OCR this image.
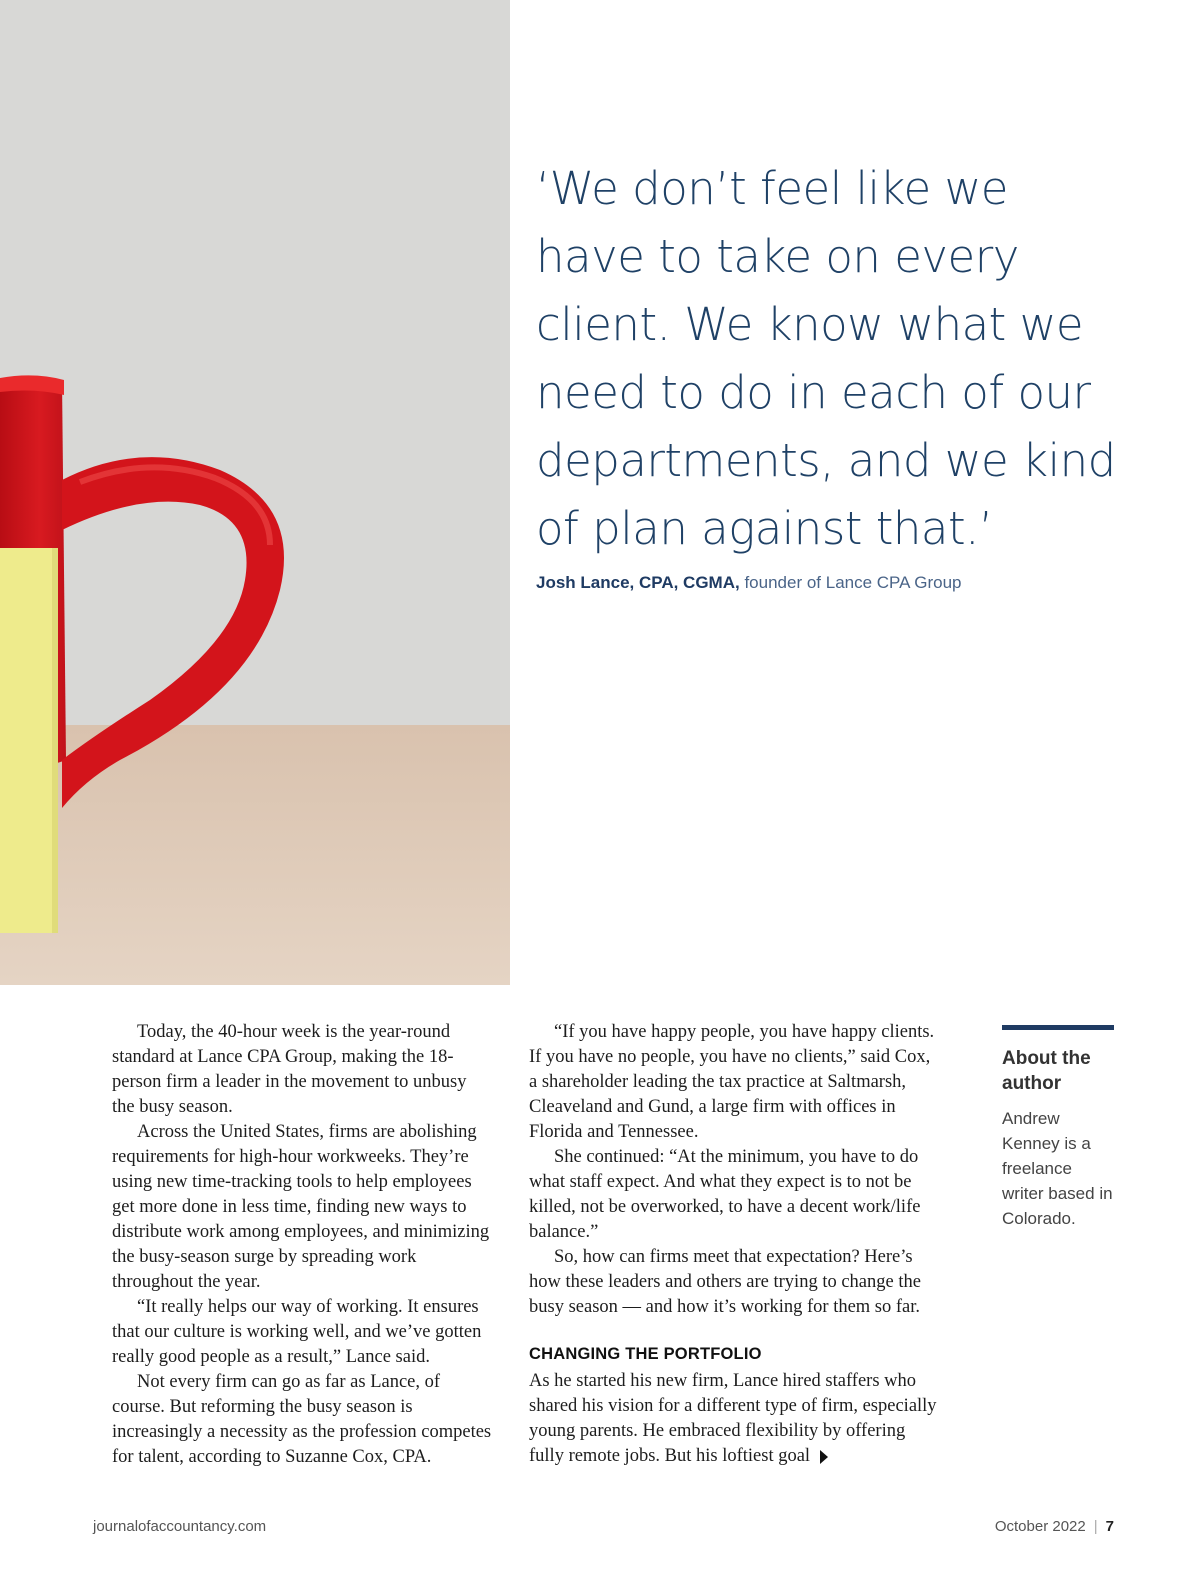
‘We don’t feel like we have to take on every client. We know what we need to do in each of our departments, and we kind of plan against that.’
Josh Lance, CPA, CGMA, founder of Lance CPA Group

Today, the 40-hour week is the year-round standard at Lance CPA Group, making the 18-person firm a leader in the movement to unbusy the busy season.

Across the United States, firms are abolishing requirements for high-hour workweeks. They’re using new time-tracking tools to help employees get more done in less time, finding new ways to distribute work among employees, and minimizing the busy-season surge by spreading work throughout the year.

“It really helps our way of working. It ensures that our culture is working well, and we’ve gotten really good people as a result,” Lance said.

Not every firm can go as far as Lance, of course. But reforming the busy season is increasingly a necessity as the profession competes for talent, according to Suzanne Cox, CPA.

“If you have happy people, you have happy clients. If you have no people, you have no clients,” said Cox, a shareholder leading the tax practice at Saltmarsh, Cleaveland and Gund, a large firm with offices in Florida and Tennessee.

She continued: “At the minimum, you have to do what staff expect. And what they expect is to not be killed, not be overworked, to have a decent work/life balance.”

So, how can firms meet that expectation? Here’s how these leaders and others are trying to change the busy season — and how it’s working for them so far.

CHANGING THE PORTFOLIO

As he started his new firm, Lance hired staffers who shared his vision for a different type of firm, especially young parents. He embraced flexibility by offering fully remote jobs. But his loftiest goal

About the author
Andrew Kenney is a freelance writer based in Colorado.
journalofaccountancy.com	October 2022 | 7
